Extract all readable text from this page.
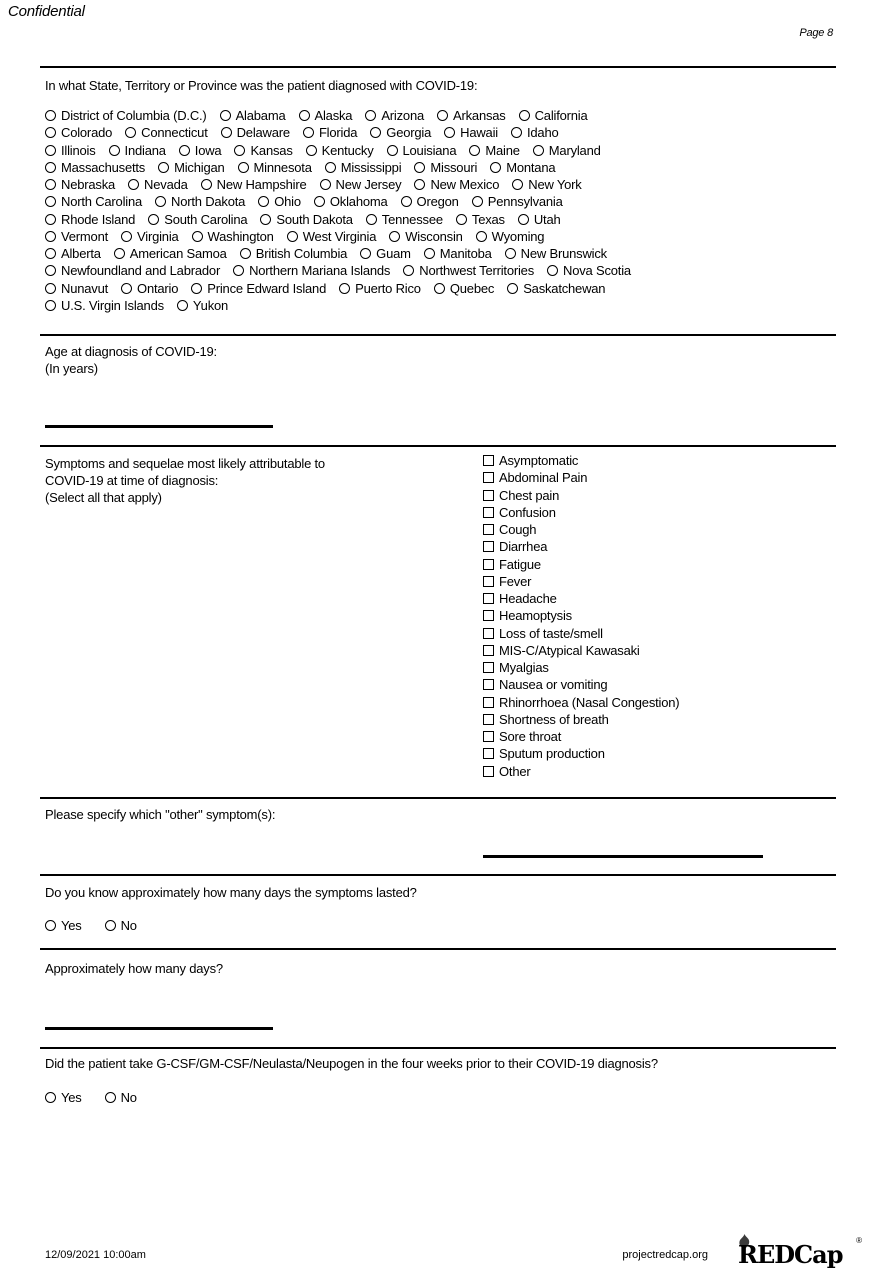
Confidential
Page 8
In what State, Territory or Province was the patient diagnosed with COVID-19:
District of Columbia (D.C.) Alabama Alaska Arizona Arkansas California
Colorado Connecticut Delaware Florida Georgia Hawaii Idaho
Illinois Indiana Iowa Kansas Kentucky Louisiana Maine Maryland
Massachusetts Michigan Minnesota Mississippi Missouri Montana
Nebraska Nevada New Hampshire New Jersey New Mexico New York
North Carolina North Dakota Ohio Oklahoma Oregon Pennsylvania
Rhode Island South Carolina South Dakota Tennessee Texas Utah
Vermont Virginia Washington West Virginia Wisconsin Wyoming
Alberta American Samoa British Columbia Guam Manitoba New Brunswick
Newfoundland and Labrador Northern Mariana Islands Northwest Territories Nova Scotia
Nunavut Ontario Prince Edward Island Puerto Rico Quebec Saskatchewan
U.S. Virgin Islands Yukon
Age at diagnosis of COVID-19:
(In years)
Symptoms and sequelae most likely attributable to
COVID-19 at time of diagnosis:
(Select all that apply)
Asymptomatic
Abdominal Pain
Chest pain
Confusion
Cough
Diarrhea
Fatigue
Fever
Headache
Heamoptysis
Loss of taste/smell
MIS-C/Atypical Kawasaki
Myalgias
Nausea or vomiting
Rhinorrhoea (Nasal Congestion)
Shortness of breath
Sore throat
Sputum production
Other
Please specify which "other" symptom(s):
Do you know approximately how many days the symptoms lasted?
Yes	No
Approximately how many days?
Did the patient take G-CSF/GM-CSF/Neulasta/Neupogen in the four weeks prior to their COVID-19 diagnosis?
Yes	No
12/09/2021 10:00am	projectredcap.org REDCap ®
